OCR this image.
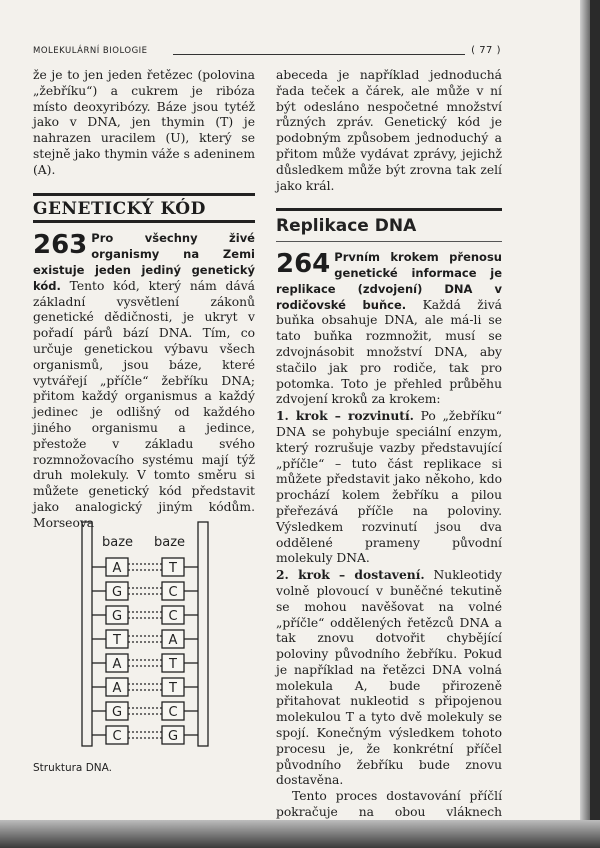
MOLEKULÁRNÍ BIOLOGIE	( 77 )

že je to jen jeden řetězec (polovina „žebříku“) a cukrem je ribóza místo deoxyribózy. Báze jsou tytéž jako v DNA, jen thymin (T) je nahrazen uracilem (U), který se stejně jako thymin váže s adeninem (A).

GENETICKÝ KÓD
263 Pro všechny živé organismy na Zemi existuje jeden jediný genetický kód. Tento kód, který nám dává základní vysvětlení zákonů genetické dědičnosti, je ukryt v pořadí párů bází DNA. Tím, co určuje genetickou výbavu všech organismů, jsou báze, které vytvářejí „příčle“ žebříku DNA; přitom každý organismus a každý jedinec je odlišný od každého jiného organismu a jedince, přestože v základu svého rozmnožovacího systému mají týž druh molekuly. V tomto směru si můžete genetický kód představit jako analogický jiným kódům. Morseova
baze baze
A	T
G	C
G	C
T	A
A	T
A	T
G	C
C	G
Struktura DNA.

abeceda je například jednoduchá řada teček a čárek, ale může v ní být odesláno nespočetné množství různých zpráv. Genetický kód je podobným způsobem jednoduchý a přitom může vydávat zprávy, jejichž důsledkem může být zrovna tak zelí jako král.

Replikace DNA
264 Prvním krokem přenosu genetické informace je replikace (zdvojení) DNA v rodičovské buňce. Každá živá buňka obsahuje DNA, ale má-li se tato buňka rozmnožit, musí se zdvojnásobit množství DNA, aby stačilo jak pro rodiče, tak pro potomka. Toto je přehled průběhu zdvojení kroků za krokem:

1. krok – rozvinutí. Po „žebříku“ DNA se pohybuje speciální enzym, který rozrušuje vazby představující „příčle“ – tuto část replikace si můžete představit jako někoho, kdo prochází kolem žebříku a pilou přeřezává příčle na poloviny. Výsledkem rozvinutí jsou dva oddělené prameny původní molekuly DNA.

2. krok – dostavení. Nukleotidy volně plovoucí v buněčné tekutině se mohou navěšovat na volné „příčle“ oddělených řetězců DNA a tak znovu dotvořit chybějící poloviny původního žebříku. Pokud je například na řetězci DNA volná molekula A, bude přirozeně přitahovat nukleotid s připojenou molekulou T a tyto dvě molekuly se spojí. Konečným výsledkem tohoto procesu je, že konkrétní příčel původního žebříku bude znovu dostavěna.

Tento proces dostavování příčlí pokračuje na obou vláknech
